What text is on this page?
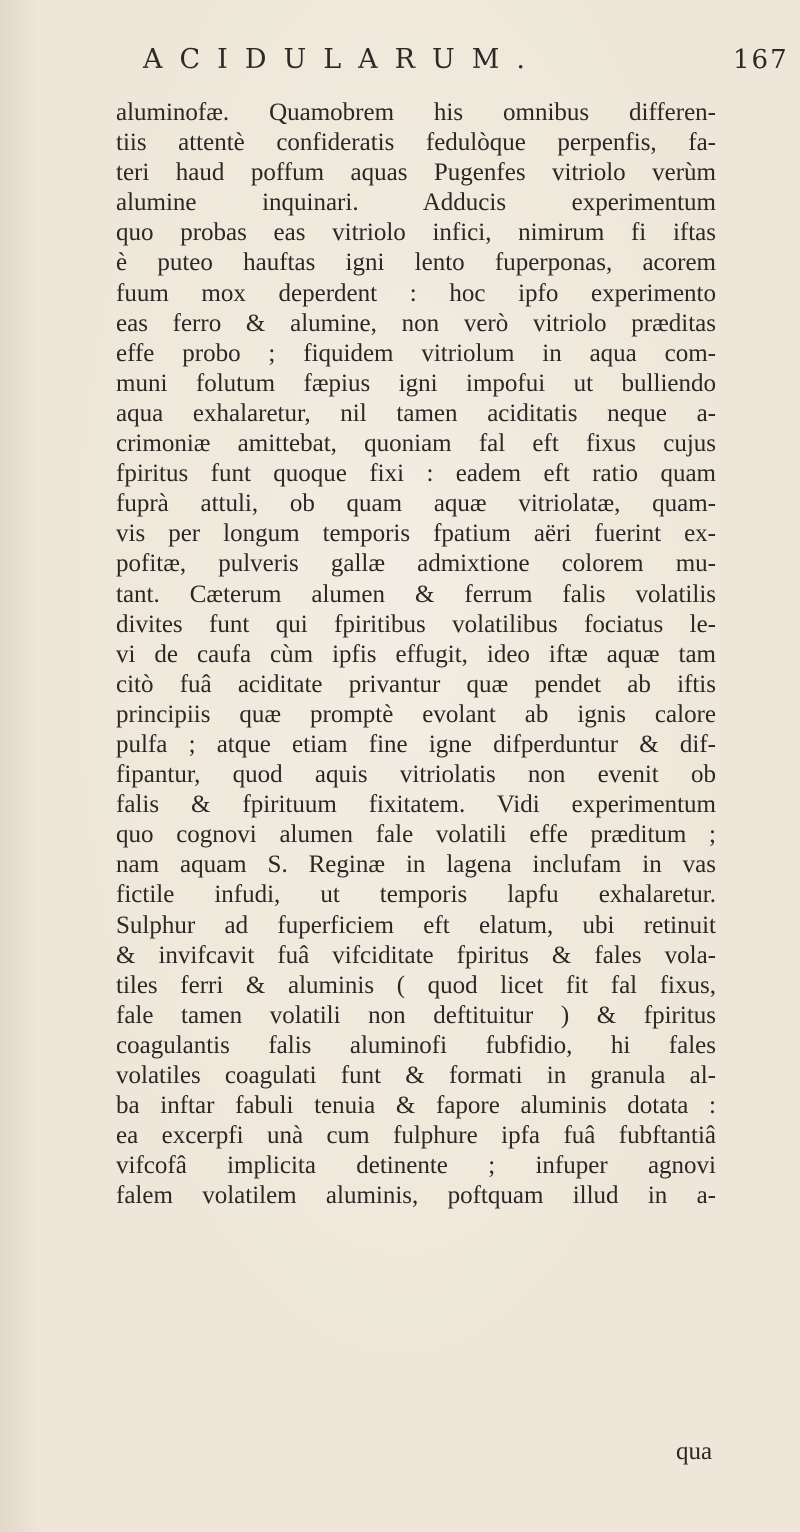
ACIDULARUM.	167
aluminofæ. Quamobrem his omnibus differen-
tiis attentè confideratis fedulòque perpenfis, fa-
teri haud poffum aquas Pugenfes vitriolo verùm
alumine inquinari. Adducis experimentum
quo probas eas vitriolo infici, nimirum fi iftas
è puteo hauftas igni lento fuperponas, acorem
fuum mox deperdent : hoc ipfo experimento
eas ferro & alumine, non verò vitriolo præditas
effe probo ; fiquidem vitriolum in aqua com-
muni folutum fæpius igni impofui ut bulliendo
aqua exhalaretur, nil tamen aciditatis neque a-
crimoniæ amittebat, quoniam fal eft fixus cujus
fpiritus funt quoque fixi : eadem eft ratio quam
fuprà attuli, ob quam aquæ vitriolatæ, quam-
vis per longum temporis fpatium aëri fuerint ex-
pofitæ, pulveris gallæ admixtione colorem mu-
tant. Cæterum alumen & ferrum falis volatilis
divites funt qui fpiritibus volatilibus fociatus le-
vi de caufa cùm ipfis effugit, ideo iftæ aquæ tam
citò fuâ aciditate privantur quæ pendet ab iftis
principiis quæ promptè evolant ab ignis calore
pulfa ; atque etiam fine igne difperduntur & dif-
fipantur, quod aquis vitriolatis non evenit ob
falis & fpirituum fixitatem. Vidi experimentum
quo cognovi alumen fale volatili effe præditum ;
nam aquam S. Reginæ in lagena inclufam in vas
fictile infudi, ut temporis lapfu exhalaretur.
Sulphur ad fuperficiem eft elatum, ubi retinuit
& invifcavit fuâ vifciditate fpiritus & fales vola-
tiles ferri & aluminis ( quod licet fit fal fixus,
fale tamen volatili non deftituitur ) & fpiritus
coagulantis falis aluminofi fubfidio, hi fales
volatiles coagulati funt & formati in granula al-
ba inftar fabuli tenuia & fapore aluminis dotata :
ea excerpfi unà cum fulphure ipfa fuâ fubftantiâ
vifcofâ implicita detinente ; infuper agnovi
falem volatilem aluminis, poftquam illud in a-
qua
